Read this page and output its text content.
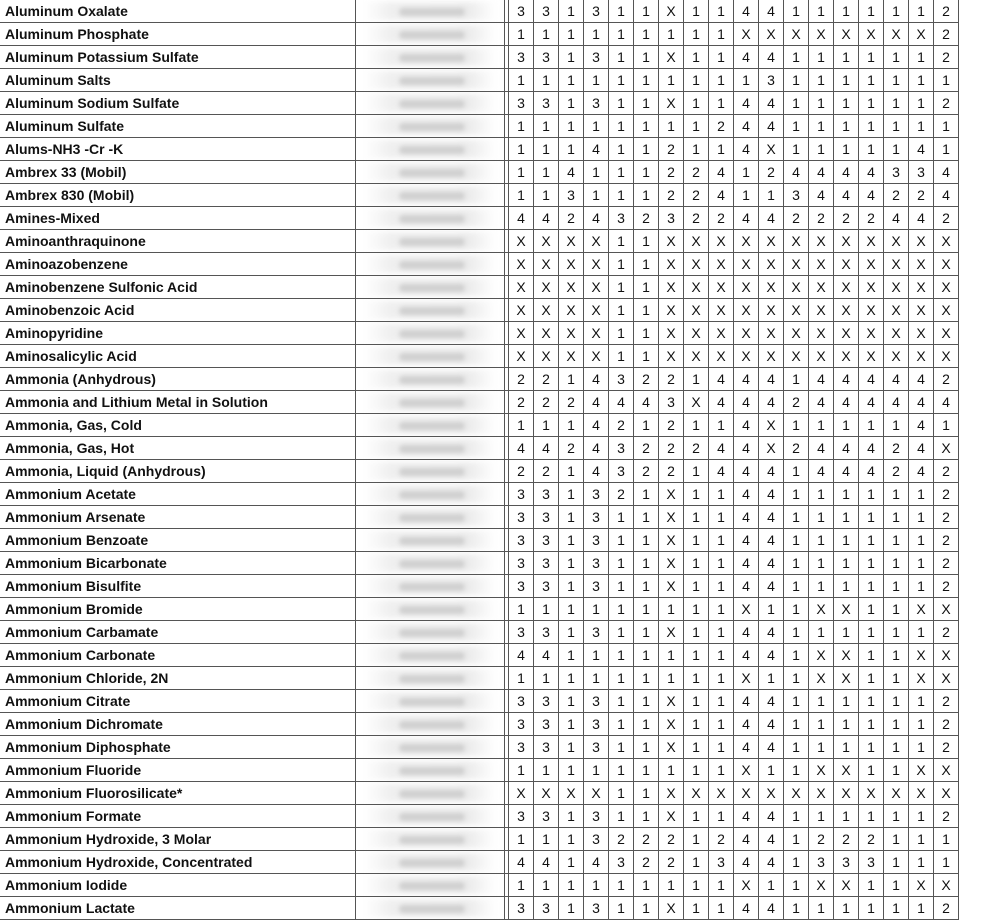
Aluminum Oxalate			3	3	1	3	1	1	X	1	1	4	4	1	1	1	1	1	1	2
Aluminum Phosphate			1	1	1	1	1	1	1	1	1	X	X	X	X	X	X	X	X	2
Aluminum Potassium Sulfate			3	3	1	3	1	1	X	1	1	4	4	1	1	1	1	1	1	2
Aluminum Salts			1	1	1	1	1	1	1	1	1	1	3	1	1	1	1	1	1	1
Aluminum Sodium Sulfate			3	3	1	3	1	1	X	1	1	4	4	1	1	1	1	1	1	2
Aluminum Sulfate			1	1	1	1	1	1	1	1	2	4	4	1	1	1	1	1	1	1
Alums-NH3 -Cr -K			1	1	1	4	1	1	2	1	1	4	X	1	1	1	1	1	4	1
Ambrex 33 (Mobil)			1	1	4	1	1	1	2	2	4	1	2	4	4	4	4	3	3	4
Ambrex 830 (Mobil)			1	1	3	1	1	1	2	2	4	1	1	3	4	4	4	2	2	4
Amines-Mixed			4	4	2	4	3	2	3	2	2	4	4	2	2	2	2	4	4	2
Aminoanthraquinone			X	X	X	X	1	1	X	X	X	X	X	X	X	X	X	X	X	X
Aminoazobenzene			X	X	X	X	1	1	X	X	X	X	X	X	X	X	X	X	X	X
Aminobenzene Sulfonic Acid			X	X	X	X	1	1	X	X	X	X	X	X	X	X	X	X	X	X
Aminobenzoic Acid			X	X	X	X	1	1	X	X	X	X	X	X	X	X	X	X	X	X
Aminopyridine			X	X	X	X	1	1	X	X	X	X	X	X	X	X	X	X	X	X
Aminosalicylic Acid			X	X	X	X	1	1	X	X	X	X	X	X	X	X	X	X	X	X
Ammonia (Anhydrous)			2	2	1	4	3	2	2	1	4	4	4	1	4	4	4	4	4	2
Ammonia and Lithium Metal in Solution			2	2	2	4	4	4	3	X	4	4	4	2	4	4	4	4	4	4
Ammonia, Gas, Cold			1	1	1	4	2	1	2	1	1	4	X	1	1	1	1	1	4	1
Ammonia, Gas, Hot			4	4	2	4	3	2	2	2	4	4	X	2	4	4	4	2	4	X
Ammonia, Liquid (Anhydrous)			2	2	1	4	3	2	2	1	4	4	4	1	4	4	4	2	4	2
Ammonium Acetate			3	3	1	3	2	1	X	1	1	4	4	1	1	1	1	1	1	2
Ammonium Arsenate			3	3	1	3	1	1	X	1	1	4	4	1	1	1	1	1	1	2
Ammonium Benzoate			3	3	1	3	1	1	X	1	1	4	4	1	1	1	1	1	1	2
Ammonium Bicarbonate			3	3	1	3	1	1	X	1	1	4	4	1	1	1	1	1	1	2
Ammonium Bisulfite			3	3	1	3	1	1	X	1	1	4	4	1	1	1	1	1	1	2
Ammonium Bromide			1	1	1	1	1	1	1	1	1	X	1	1	X	X	1	1	X	X
Ammonium Carbamate			3	3	1	3	1	1	X	1	1	4	4	1	1	1	1	1	1	2
Ammonium Carbonate			4	4	1	1	1	1	1	1	1	4	4	1	X	X	1	1	X	X
Ammonium Chloride, 2N			1	1	1	1	1	1	1	1	1	X	1	1	X	X	1	1	X	X
Ammonium Citrate			3	3	1	3	1	1	X	1	1	4	4	1	1	1	1	1	1	2
Ammonium Dichromate			3	3	1	3	1	1	X	1	1	4	4	1	1	1	1	1	1	2
Ammonium Diphosphate			3	3	1	3	1	1	X	1	1	4	4	1	1	1	1	1	1	2
Ammonium Fluoride			1	1	1	1	1	1	1	1	1	X	1	1	X	X	1	1	X	X
Ammonium Fluorosilicate*			X	X	X	X	1	1	X	X	X	X	X	X	X	X	X	X	X	X
Ammonium Formate			3	3	1	3	1	1	X	1	1	4	4	1	1	1	1	1	1	2
Ammonium Hydroxide, 3 Molar			1	1	1	3	2	2	2	1	2	4	4	1	2	2	2	1	1	1
Ammonium Hydroxide, Concentrated			4	4	1	4	3	2	2	1	3	4	4	1	3	3	3	1	1	1
Ammonium Iodide			1	1	1	1	1	1	1	1	1	X	1	1	X	X	1	1	X	X
Ammonium Lactate			3	3	1	3	1	1	X	1	1	4	4	1	1	1	1	1	1	2
